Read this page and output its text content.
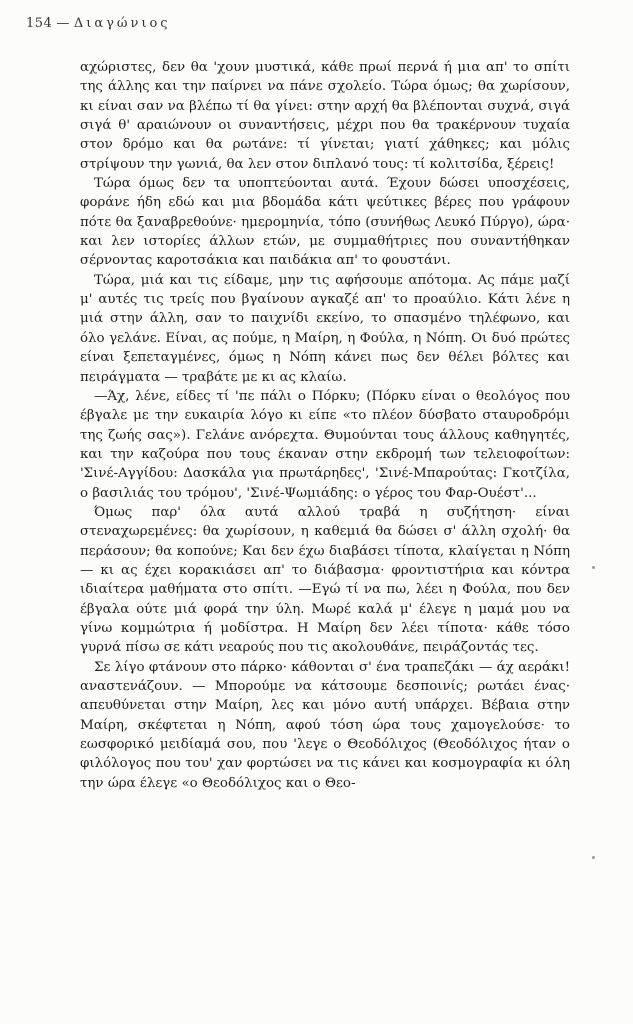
154 — Διαγώνιος

αχώριστες, δεν θα 'χουν μυστικά, κάθε πρωί περνά ή μια απ' το σπίτι της άλλης και την παίρνει να πάνε σχολείο. Τώρα όμως; θα χωρίσουν, κι είναι σαν να βλέπω τί θα γίνει: στην αρχή θα βλέπονται συχνά, σιγά σιγά θ' αραιώνουν οι συναντήσεις, μέχρι που θα τρακέρνουν τυχαία στον δρόμο και θα ρωτάνε: τί γίνεται; γιατί χάθηκες; και μόλις στρίψουν την γωνιά, θα λεν στον διπλανό τους: τί κολιτσίδα, ξέρεις!

Τώρα όμως δεν τα υποπτεύονται αυτά. Έχουν δώσει υποσχέσεις, φοράνε ήδη εδώ και μια βδομάδα κάτι ψεύτικες βέρες που γράφουν πότε θα ξαναβρεθούνε· ημερομηνία, τόπο (συνήθως Λευκό Πύργο), ώρα· και λεν ιστορίες άλλων ετών, με συμμαθήτριες που συναντήθηκαν σέρνοντας καροτσάκια και παιδάκια απ' το φουστάνι.

Τώρα, μιά και τις είδαμε, μην τις αφήσουμε απότομα. Ας πάμε μαζί μ' αυτές τις τρείς που βγαίνουν αγκαζέ απ' το προαύλιο. Κάτι λένε η μιά στην άλλη, σαν το παιχνίδι εκείνο, το σπασμένο τηλέφωνο, και όλο γελάνε. Είναι, ας πούμε, η Μαίρη, η Φούλα, η Νόπη. Οι δυό πρώτες είναι ξεπεταγμένες, όμως η Νόπη κάνει πως δεν θέλει βόλτες και πειράγματα — τραβάτε με κι ας κλαίω.

—Άχ, λένε, είδες τί 'πε πάλι ο Πόρκυ; (Πόρκυ είναι ο θεολόγος που έβγαλε με την ευκαιρία λόγο κι είπε «το πλέον δύσβατο σταυροδρόμι της ζωής σας»). Γελάνε ανόρεχτα. Θυμούνται τους άλλους καθηγητές, και την καζούρα που τους έκαναν στην εκδρομή των τελειοφοίτων: 'Σινέ-Αγγίδου: Δασκάλα για πρωτάρηδες', 'Σινέ-Μπαρούτας: Γκοτζίλα, ο βασιλιάς του τρόμου', 'Σινέ-Ψωμιάδης: ο γέρος του Φαρ-Ουέστ'...

Όμως παρ' όλα αυτά αλλού τραβά η συζήτηση· είναι στεναχωρεμένες: θα χωρίσουν, η καθεμιά θα δώσει σ' άλλη σχολή· θα περάσουν; θα κοπούνε; Και δεν έχω διαβάσει τίποτα, κλαίγεται η Νόπη— κι ας έχει κορακιάσει απ' το διάβασμα· φροντιστήρια και κόντρα ιδιαίτερα μαθήματα στο σπίτι. —Εγώ τί να πω, λέει η Φούλα, που δεν έβγαλα ούτε μιά φορά την ύλη. Μωρέ καλά μ' έλεγε η μαμά μου να γίνω κομμώτρια ή μοδίστρα. Η Μαίρη δεν λέει τίποτα· κάθε τόσο γυρνά πίσω σε κάτι νεαρούς που τις ακολουθάνε, πειράζοντάς τες.

Σε λίγο φτάνουν στο πάρκο· κάθονται σ' ένα τραπεζάκι — άχ αεράκι! αναστενάζουν. — Μπορούμε να κάτσουμε δεσποινίς; ρωτάει ένας· απευθύνεται στην Μαίρη, λες και μόνο αυτή υπάρχει. Βέβαια στην Μαίρη, σκέφτεται η Νόπη, αφού τόση ώρα τους χαμογελούσε· το εωσφορικό μειδίαμά σου, που 'λεγε ο Θεοδόλιχος (Θεοδόλιχος ήταν ο φιλόλογος που του' χαν φορτώσει να τις κάνει και κοσμογραφία κι όλη την ώρα έλεγε «ο Θεοδόλιχος και ο Θεο-
